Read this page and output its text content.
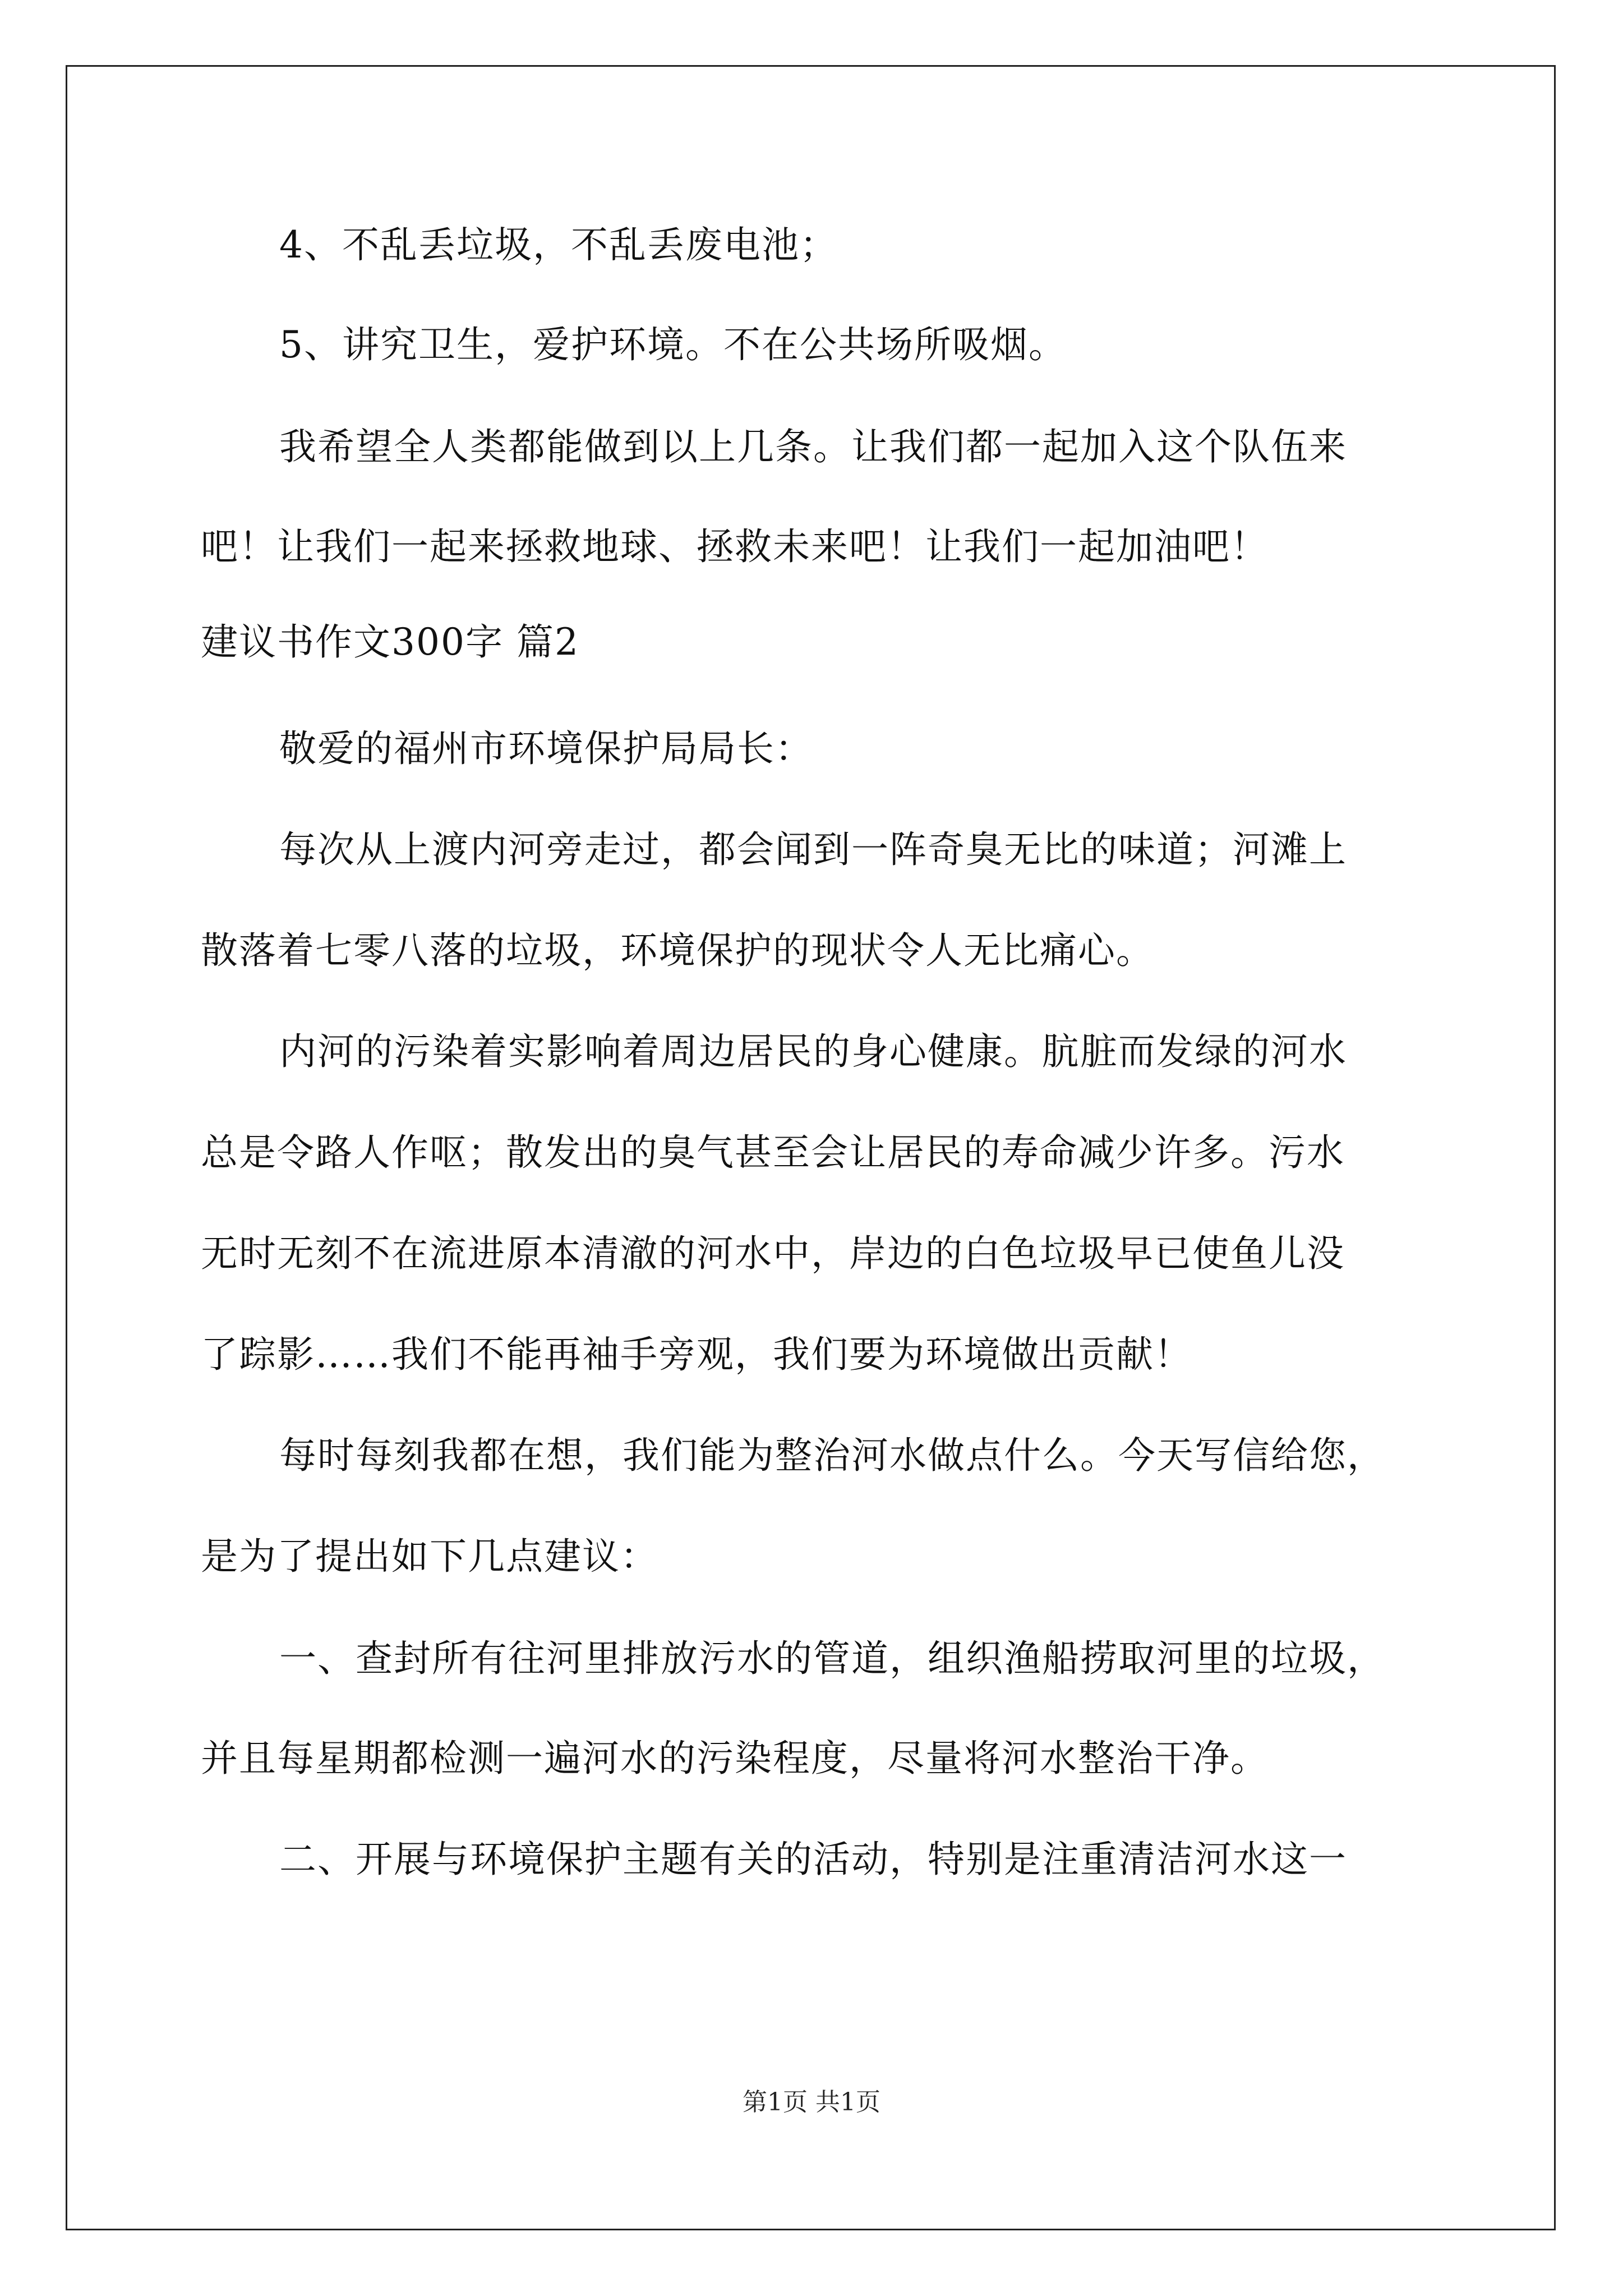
4、不乱丢垃圾，不乱丢废电池；
5、讲究卫生，爱护环境。不在公共场所吸烟。
我希望全人类都能做到以上几条。让我们都一起加入这个队伍来
吧！让我们一起来拯救地球、拯救未来吧！让我们一起加油吧！
建议书作文300字 篇2
敬爱的福州市环境保护局局长：
每次从上渡内河旁走过，都会闻到一阵奇臭无比的味道；河滩上
散落着七零八落的垃圾，环境保护的现状令人无比痛心。
内河的污染着实影响着周边居民的身心健康。肮脏而发绿的河水
总是令路人作呕；散发出的臭气甚至会让居民的寿命减少许多。污水
无时无刻不在流进原本清澈的河水中，岸边的白色垃圾早已使鱼儿没
了踪影……我们不能再袖手旁观，我们要为环境做出贡献！
每时每刻我都在想，我们能为整治河水做点什么。今天写信给您，
是为了提出如下几点建议：
一、查封所有往河里排放污水的管道，组织渔船捞取河里的垃圾，
并且每星期都检测一遍河水的污染程度，尽量将河水整治干净。
二、开展与环境保护主题有关的活动，特别是注重清洁河水这一
第1页 共1页
